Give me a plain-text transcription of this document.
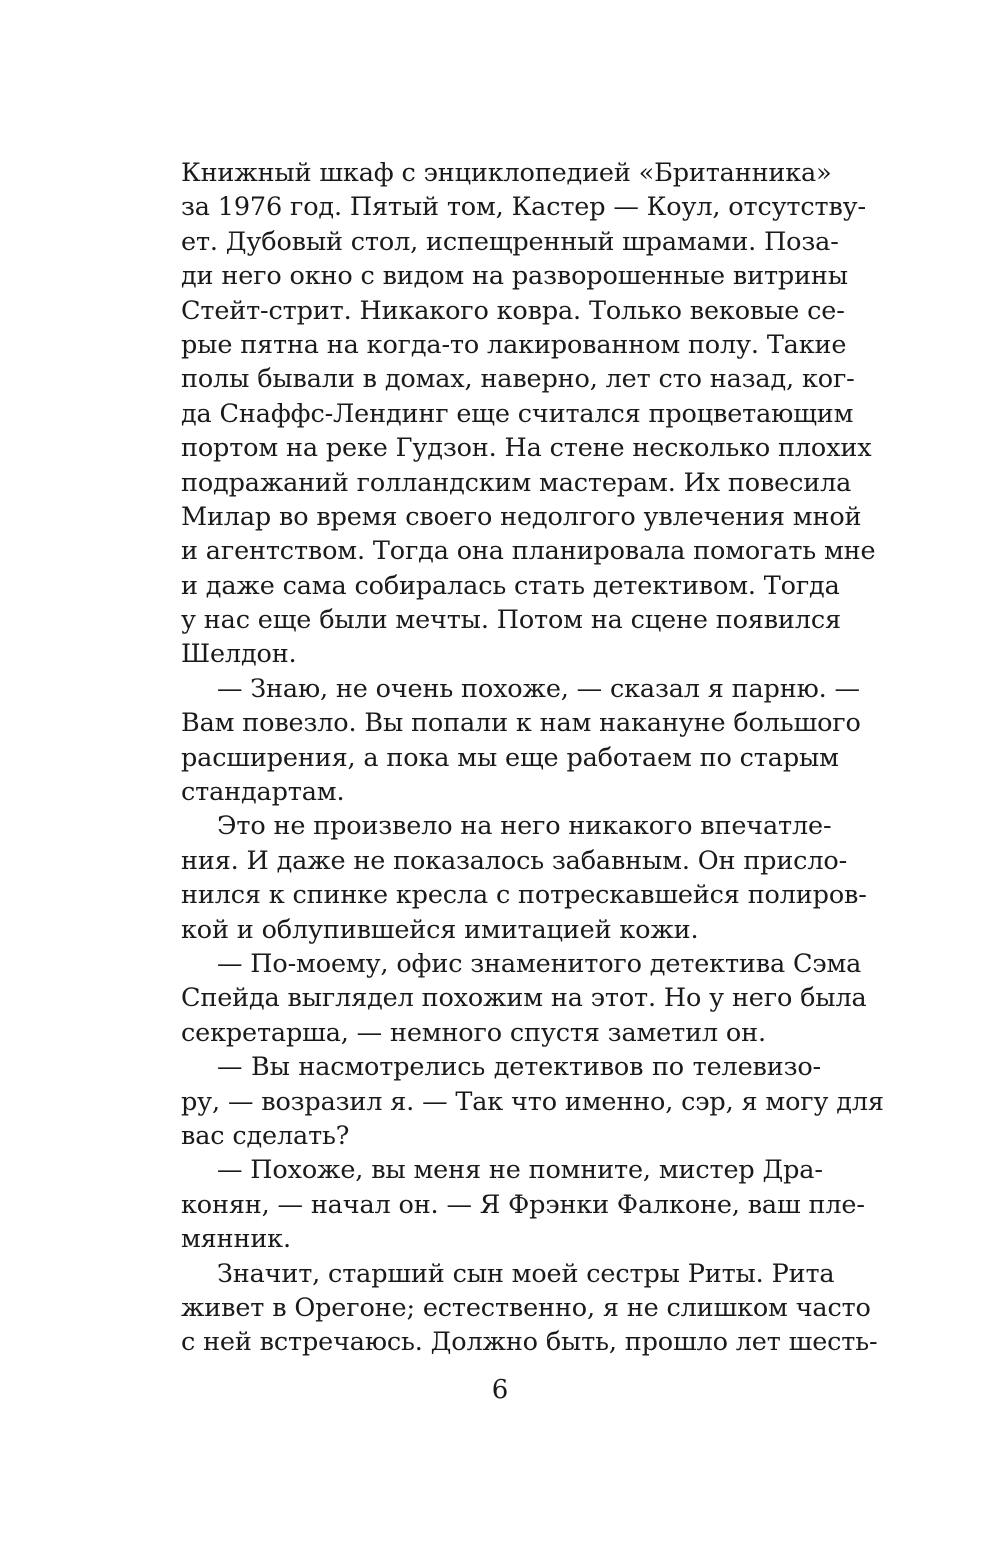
Книжный шкаф с энциклопедией «Британника»
за 1976 год. Пятый том, Кастер — Коул, отсутству-
ет. Дубовый стол, испещренный шрамами. Поза-
ди него окно с видом на разворошенные витрины
Стейт-стрит. Никакого ковра. Только вековые се-
рые пятна на когда-то лакированном полу. Такие
полы бывали в домах, наверно, лет сто назад, ког-
да Снаффс-Лендинг еще считался процветающим
портом на реке Гудзон. На стене несколько плохих
подражаний голландским мастерам. Их повесила
Милар во время своего недолгого увлечения мной
и агентством. Тогда она планировала помогать мне
и даже сама собиралась стать детективом. Тогда
у нас еще были мечты. Потом на сцене появился
Шелдон.
— Знаю, не очень похоже, — сказал я парню. —
Вам повезло. Вы попали к нам накануне большого
расширения, а пока мы еще работаем по старым
стандартам.
Это не произвело на него никакого впечатле-
ния. И даже не показалось забавным. Он присло-
нился к спинке кресла с потрескавшейся полиров-
кой и облупившейся имитацией кожи.
— По-моему, офис знаменитого детектива Сэма
Спейда выглядел похожим на этот. Но у него была
секретарша, — немного спустя заметил он.
— Вы насмотрелись детективов по телевизо-
ру, — возразил я. — Так что именно, сэр, я могу для
вас сделать?
— Похоже, вы меня не помните, мистер Дра-
конян, — начал он. — Я Фрэнки Фалконе, ваш пле-
мянник.
Значит, старший сын моей сестры Риты. Рита
живет в Орегоне; естественно, я не слишком часто
с ней встречаюсь. Должно быть, прошло лет шесть-
6
